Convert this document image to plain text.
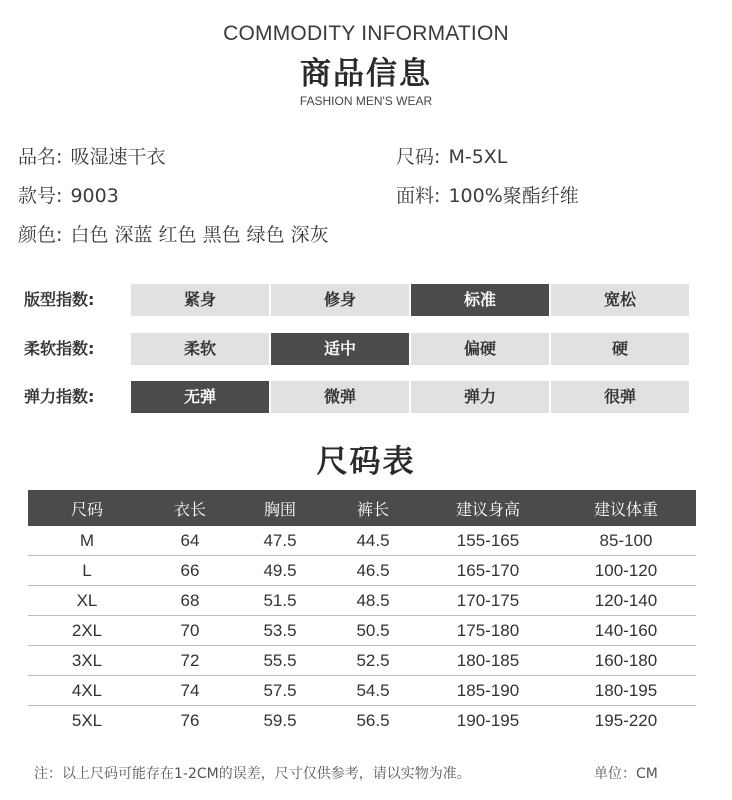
COMMODITY INFORMATION
商品信息
FASHION MEN'S WEAR
品名: 吸湿速干衣	尺码: M-5XL
款号: 9003	面料: 100%聚酯纤维
颜色: 白色 深蓝 红色 黑色 绿色 深灰
版型指数:	紧身	修身	标准	宽松
柔软指数:	柔软	适中	偏硬	硬
弹力指数:	无弹	微弹	弹力	很弹
尺码表
尺码	衣长	胸围	裤长	建议身高	建议体重
M	64	47.5	44.5	155-165	85-100
L	66	49.5	46.5	165-170	100-120
XL	68	51.5	48.5	170-175	120-140
2XL	70	53.5	50.5	175-180	140-160
3XL	72	55.5	52.5	180-185	160-180
4XL	74	57.5	54.5	185-190	180-195
5XL	76	59.5	56.5	190-195	195-220
注：以上尺码可能存在1-2CM的误差，尺寸仅供参考，请以实物为准。	单位：CM
